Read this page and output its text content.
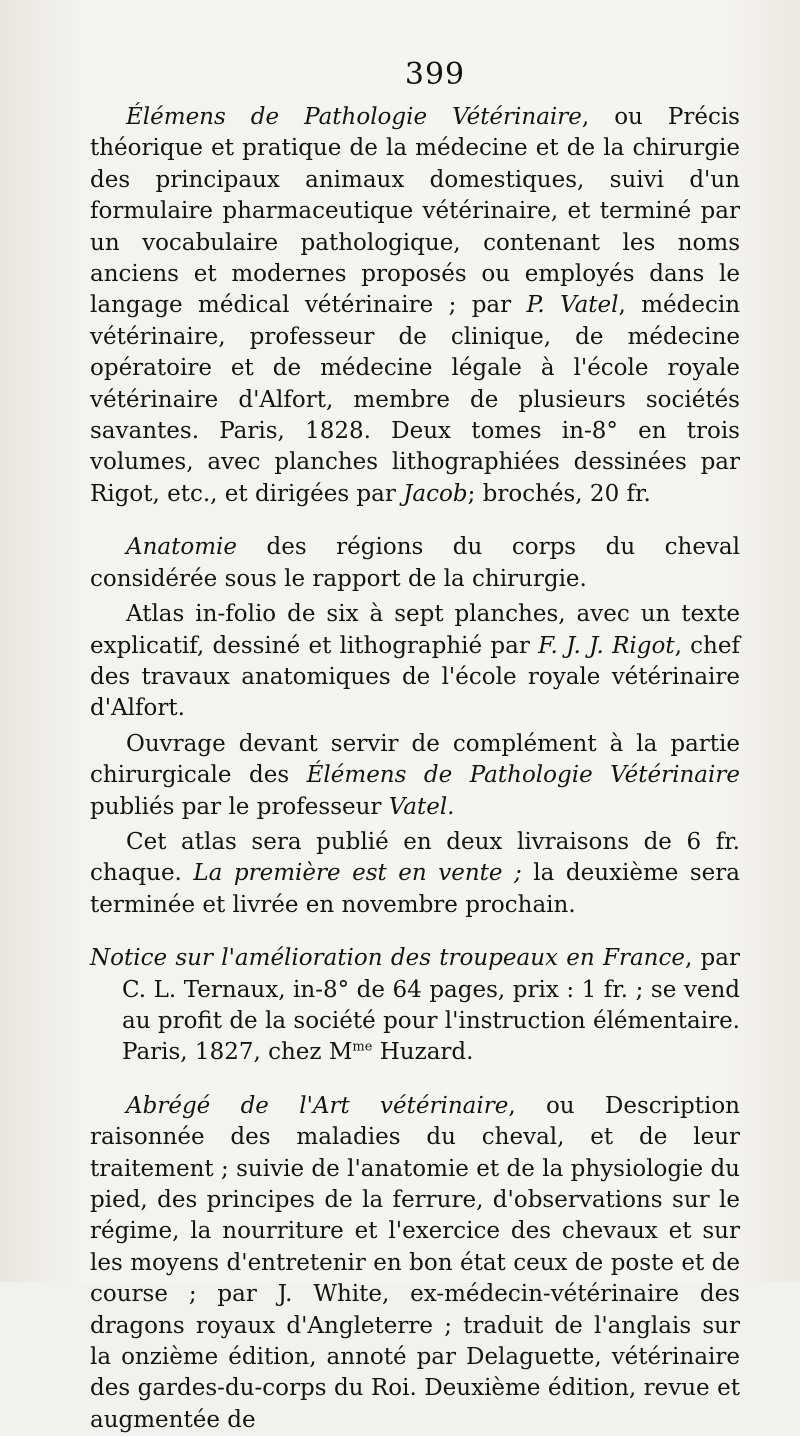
399

Élémens de Pathologie Vétérinaire, ou Précis théorique et pratique de la médecine et de la chirurgie des principaux animaux domestiques, suivi d'un formulaire pharmaceutique vétérinaire, et terminé par un vocabulaire pathologique, contenant les noms anciens et modernes proposés ou employés dans le langage médical vétérinaire ; par P. Vatel, médecin vétérinaire, professeur de clinique, de médecine opératoire et de médecine légale à l'école royale vétérinaire d'Alfort, membre de plusieurs sociétés savantes. Paris, 1828. Deux tomes in-8° en trois volumes, avec planches lithographiées dessinées par Rigot, etc., et dirigées par Jacob; brochés, 20 fr.

Anatomie des régions du corps du cheval considérée sous le rapport de la chirurgie.

Atlas in-folio de six à sept planches, avec un texte explicatif, dessiné et lithographié par F. J. J. Rigot, chef des travaux anatomiques de l'école royale vétérinaire d'Alfort.

Ouvrage devant servir de complément à la partie chirurgicale des Élémens de Pathologie Vétérinaire publiés par le professeur Vatel.

Cet atlas sera publié en deux livraisons de 6 fr. chaque. La première est en vente ; la deuxième sera terminée et livrée en novembre prochain.

Notice sur l'amélioration des troupeaux en France, par C. L. Ternaux, in-8° de 64 pages, prix : 1 fr. ; se vend au profit de la société pour l'instruction élémentaire. Paris, 1827, chez $M^{me}$ Huzard.

Abrégé de l'Art vétérinaire, ou Description raisonnée des maladies du cheval, et de leur traitement ; suivie de l'anatomie et de la physiologie du pied, des principes de la ferrure, d'observations sur le régime, la nourriture et l'exercice des chevaux et sur les moyens d'entretenir en bon état ceux de poste et de course ; par J. White, ex-médecin-vétérinaire des dragons royaux d'Angleterre ; traduit de l'anglais sur la onzième édition, annoté par Delaguette, vétérinaire des gardes-du-corps du Roi. Deuxième édition, revue et augmentée de
